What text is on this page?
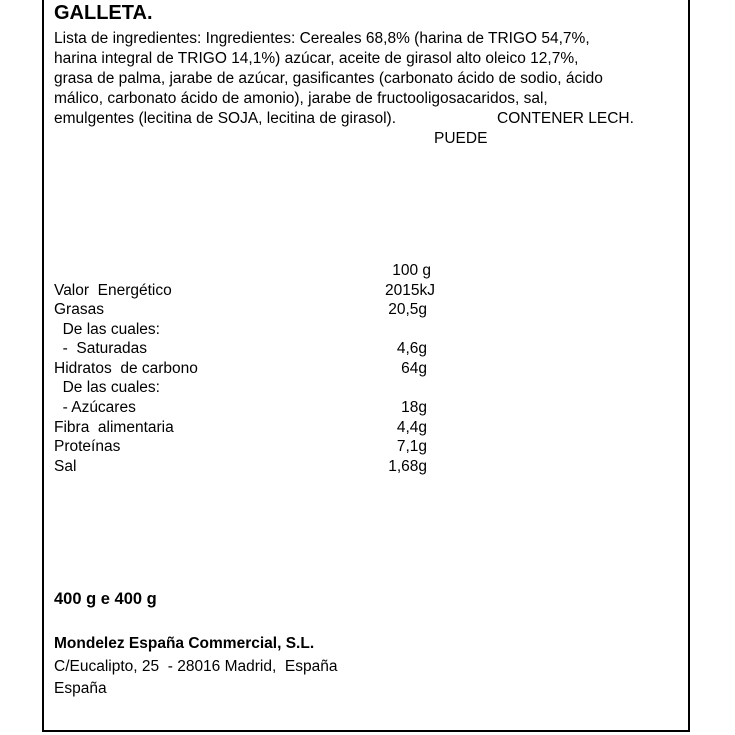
GALLETA.
Lista de ingredientes: Ingredientes: Cereales 68,8% (harina de TRIGO 54,7%,
harina integral de TRIGO 14,1%) azúcar, aceite de girasol alto oleico 12,7%,
grasa de palma, jarabe de azúcar, gasificantes (carbonato ácido de sodio, ácido
málico, carbonato ácido de amonio), jarabe de fructooligosacaridos, sal,
emulgentes (lecitina de SOJA, lecitina de girasol).	CONTENER LECH.
PUEDE
100 g
Valor  Energético	2015kJ
Grasas	20,5g
De las cuales:
-  Saturadas	4,6g
Hidratos  de carbono	64g
De las cuales:
- Azúcares	18g
Fibra  alimentaria	4,4g
Proteínas	7,1g
Sal	1,68g
400 g e 400 g
Mondelez España Commercial, S.L.
C/Eucalipto, 25  - 28016 Madrid,  España
España
